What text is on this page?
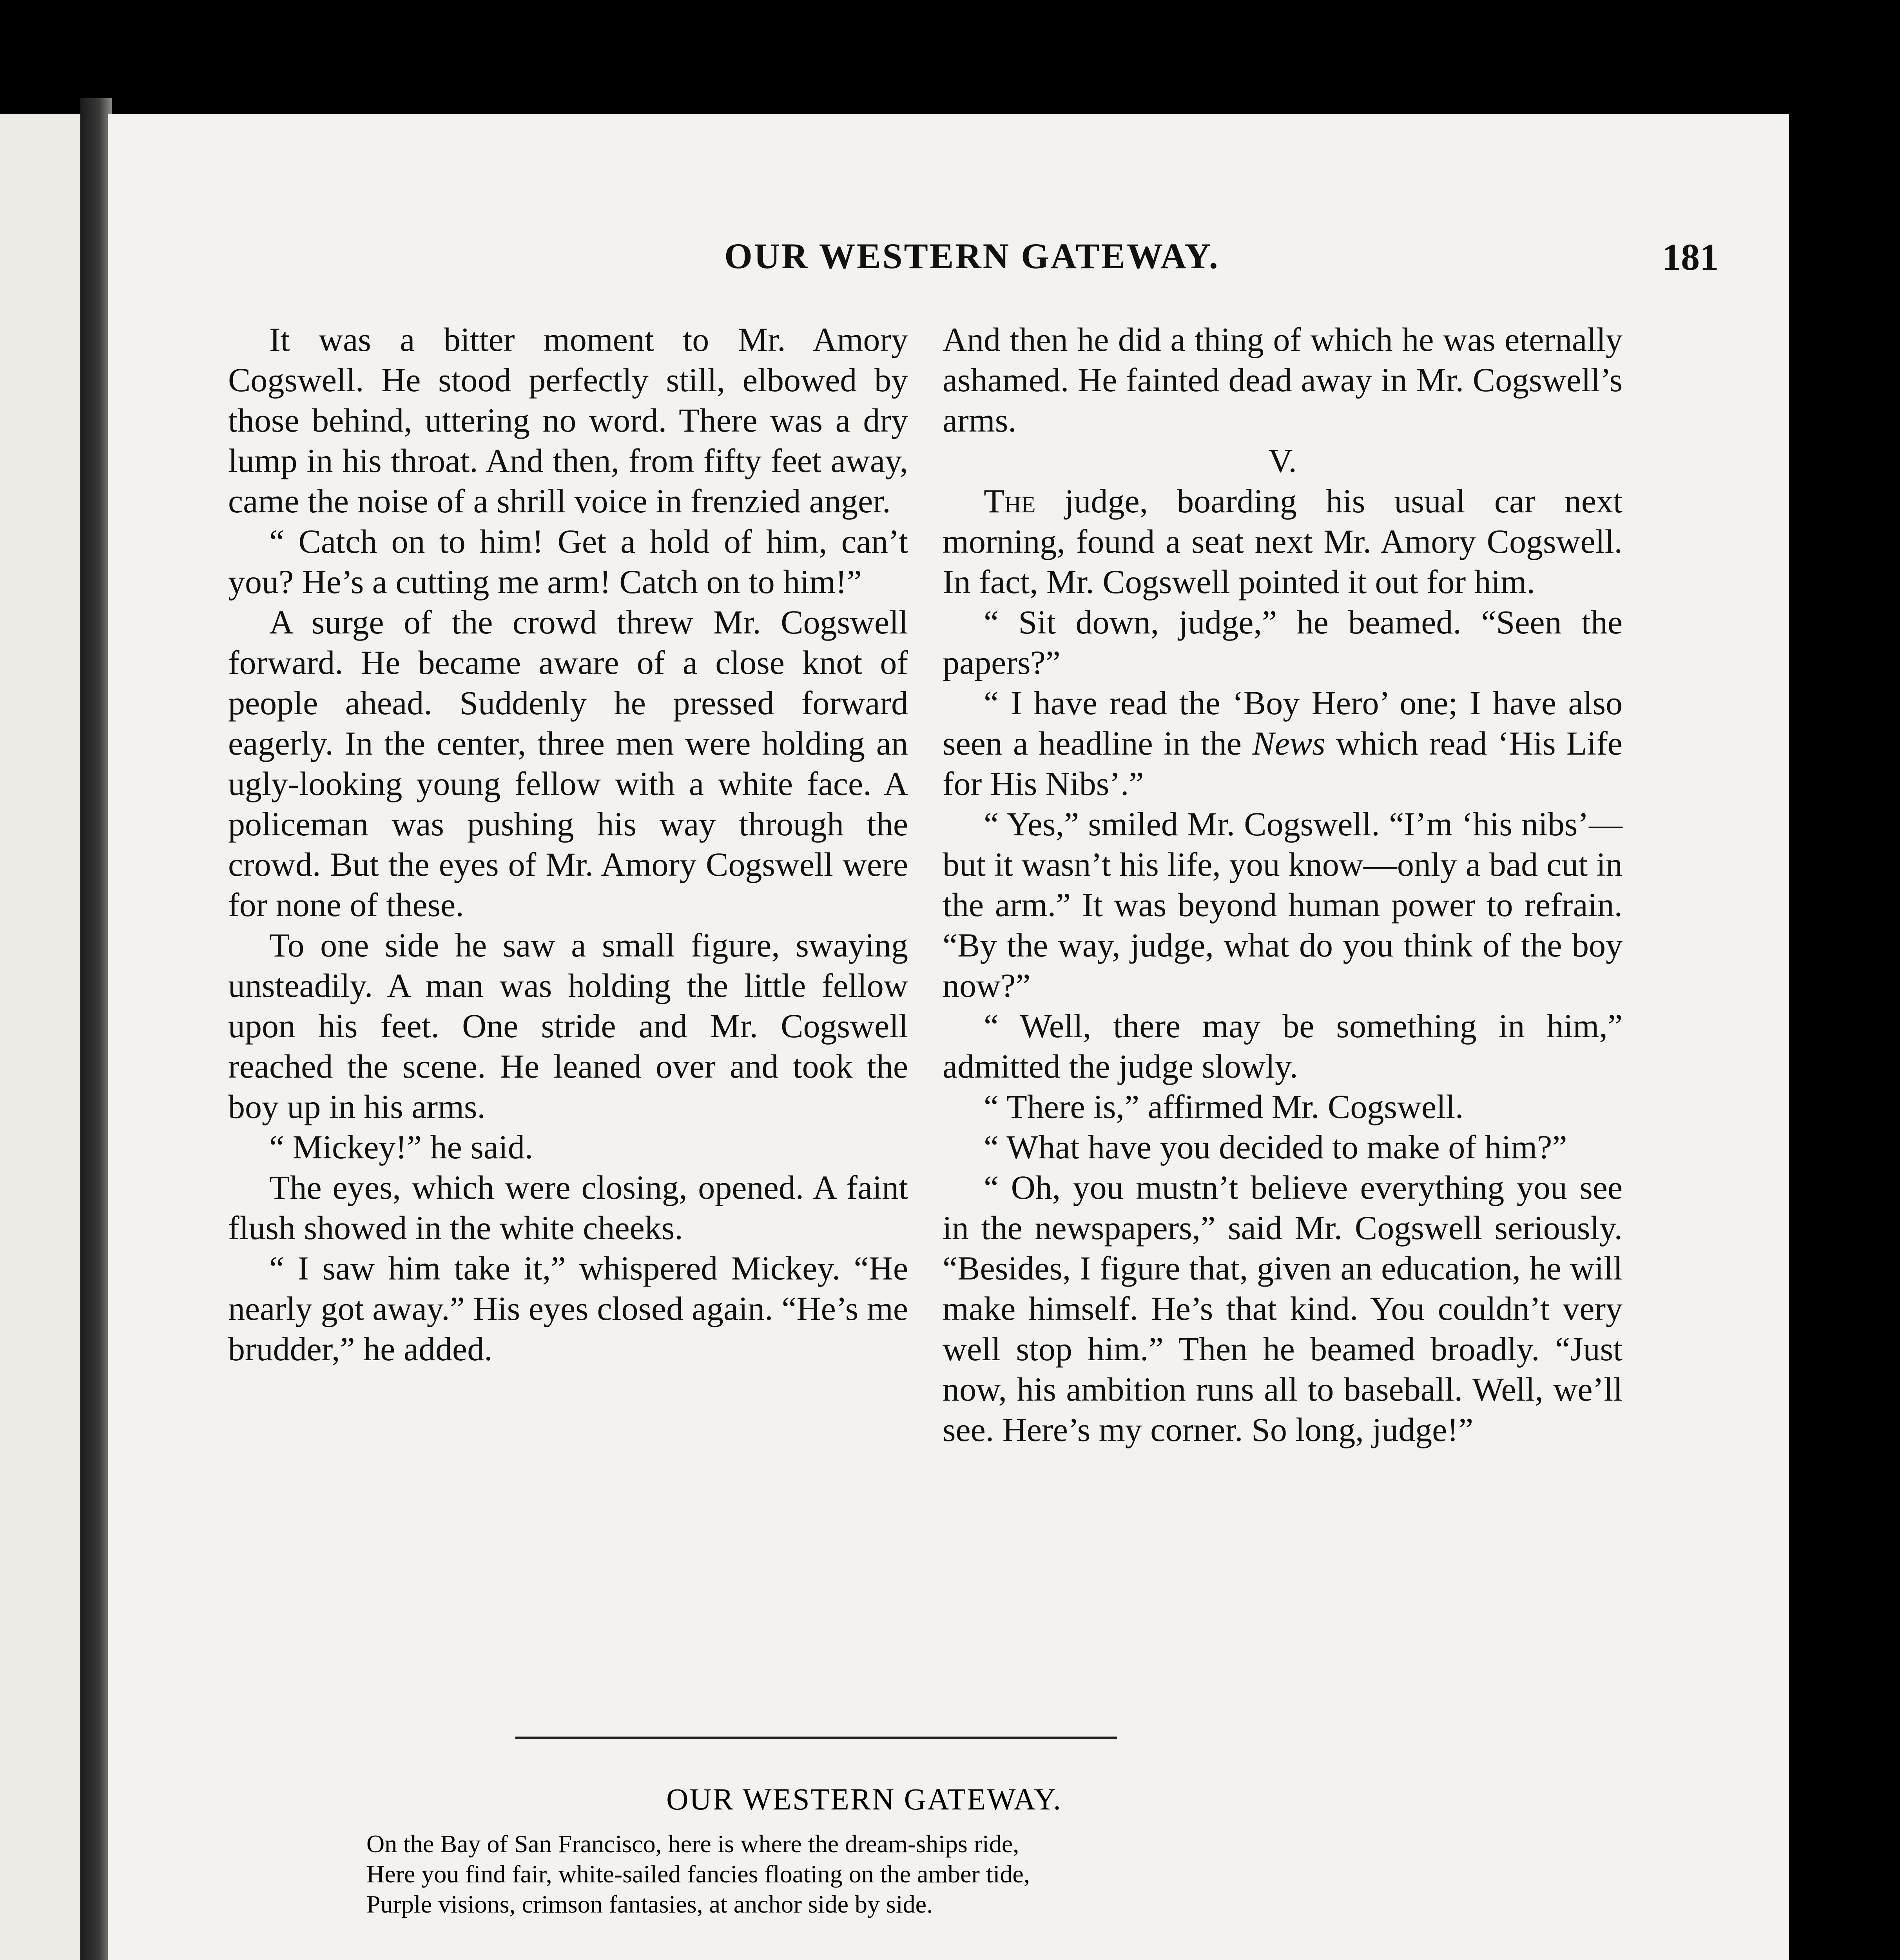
OUR WESTERN GATEWAY.	181

It was a bitter moment to Mr. Amory Cogswell. He stood perfectly still, elbowed by those behind, uttering no word. There was a dry lump in his throat. And then, from fifty feet away, came the noise of a shrill voice in frenzied anger.

“ Catch on to him! Get a hold of him, can’t you? He’s a cutting me arm! Catch on to him!”

A surge of the crowd threw Mr. Cogswell forward. He became aware of a close knot of people ahead. Suddenly he pressed forward eagerly. In the center, three men were holding an ugly-looking young fellow with a white face. A policeman was pushing his way through the crowd. But the eyes of Mr. Amory Cogswell were for none of these.

To one side he saw a small figure, swaying unsteadily. A man was holding the little fellow upon his feet. One stride and Mr. Cogswell reached the scene. He leaned over and took the boy up in his arms.

“ Mickey!” he said.

The eyes, which were closing, opened. A faint flush showed in the white cheeks.

“ I saw him take it,” whispered Mickey. “He nearly got away.” His eyes closed again. “He’s me brudder,” he added.

And then he did a thing of which he was eternally ashamed. He fainted dead away in Mr. Cogswell’s arms.

V.

The judge, boarding his usual car next morning, found a seat next Mr. Amory Cogswell. In fact, Mr. Cogswell pointed it out for him.

“ Sit down, judge,” he beamed. “Seen the papers?”

“ I have read the ‘Boy Hero’ one; I have also seen a headline in the News which read ‘His Life for His Nibs’.”

“ Yes,” smiled Mr. Cogswell. “I’m ‘his nibs’—but it wasn’t his life, you know—only a bad cut in the arm.” It was beyond human power to refrain. “By the way, judge, what do you think of the boy now?”

“ Well, there may be something in him,” admitted the judge slowly.

“ There is,” affirmed Mr. Cogswell.

“ What have you decided to make of him?”

“ Oh, you mustn’t believe everything you see in the newspapers,” said Mr. Cogswell seriously. “Besides, I figure that, given an education, he will make himself. He’s that kind. You couldn’t very well stop him.” Then he beamed broadly. “Just now, his ambition runs all to baseball. Well, we’ll see. Here’s my corner. So long, judge!”

OUR WESTERN GATEWAY.
On the Bay of San Francisco, here is where the dream-ships ride,
Here you find fair, white-sailed fancies floating on the amber tide,
Purple visions, crimson fantasies, at anchor side by side.
